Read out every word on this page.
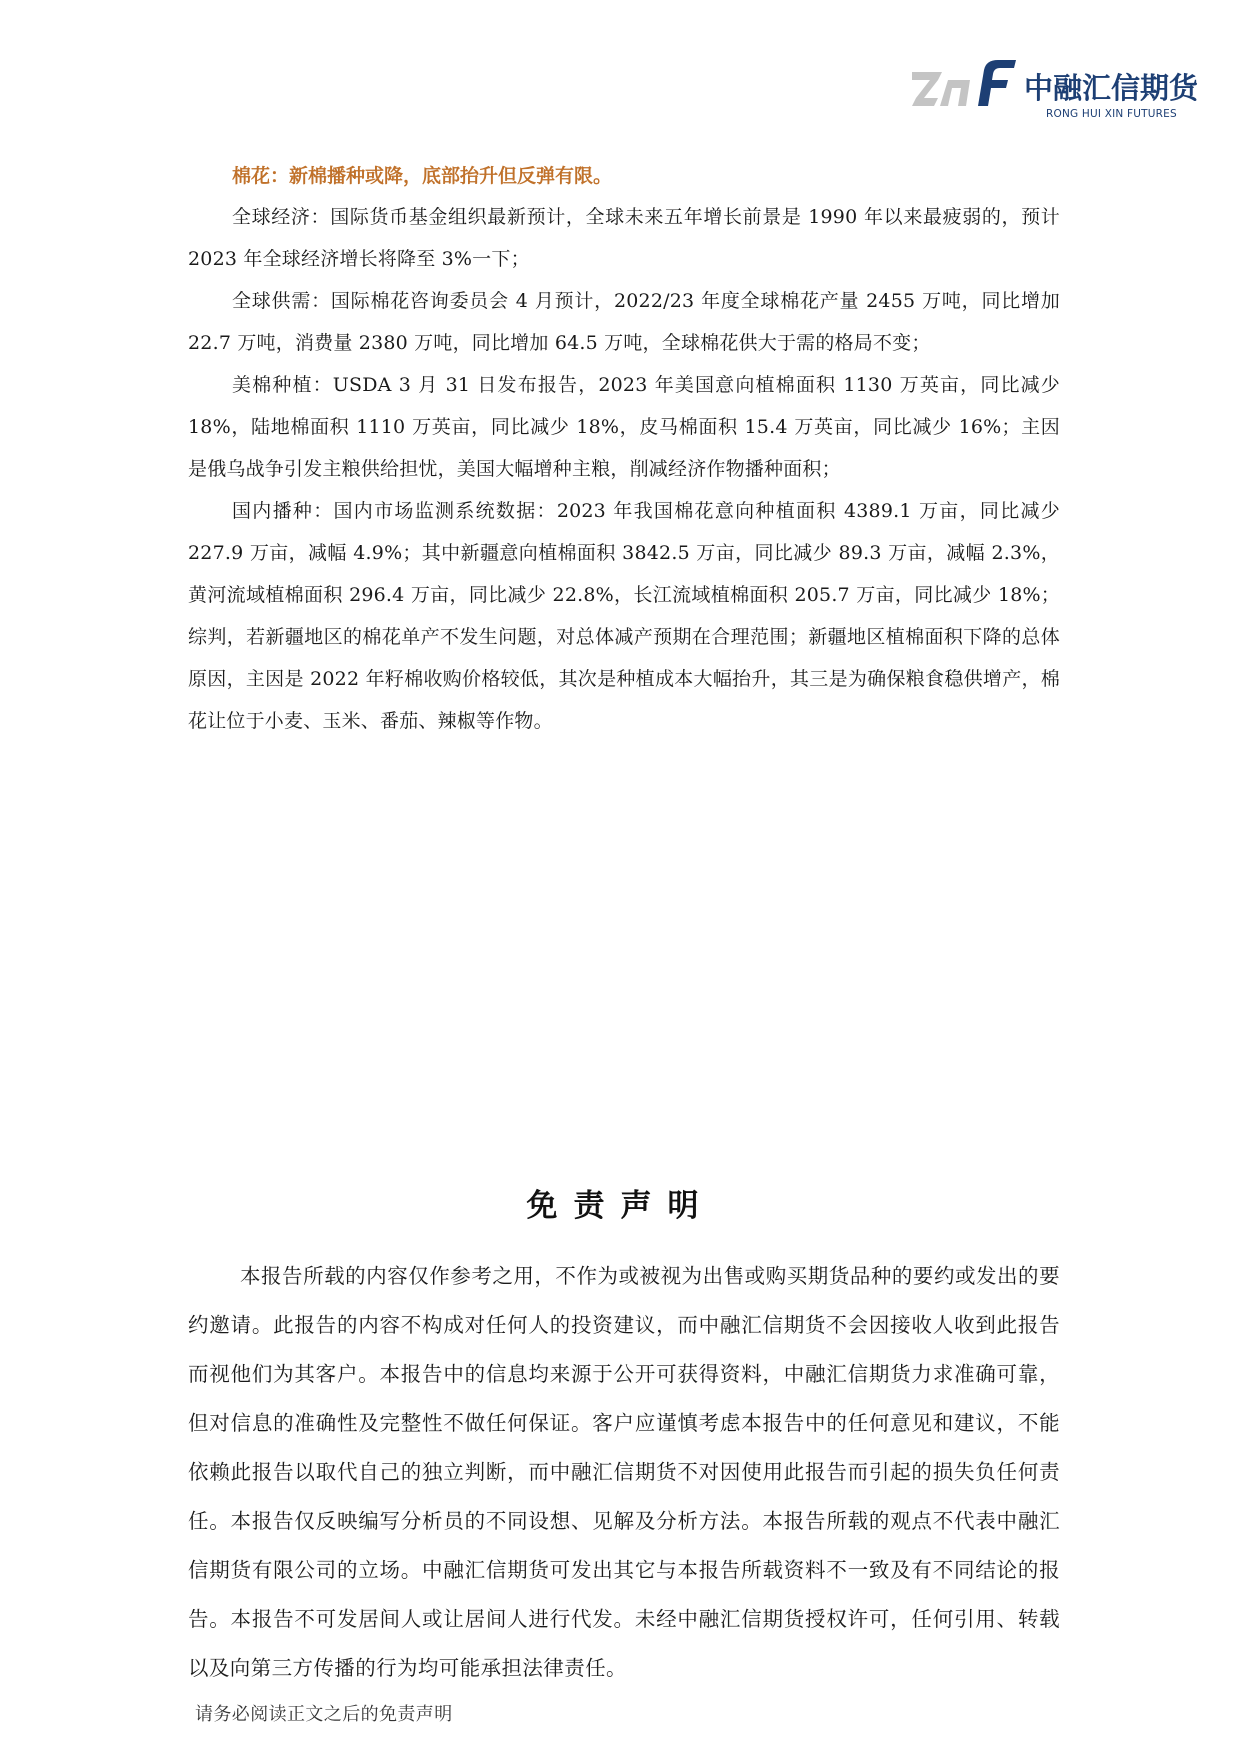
中融汇信期货
RONG HUI XIN FUTURES
棉花：新棉播种或降，底部抬升但反弹有限。

全球经济：国际货币基金组织最新预计，全球未来五年增长前景是 1990 年以来最疲弱的，预计 2023 年全球经济增长将降至 3%一下；

全球供需：国际棉花咨询委员会 4 月预计，2022/23 年度全球棉花产量 2455 万吨，同比增加 22.7 万吨，消费量 2380 万吨，同比增加 64.5 万吨，全球棉花供大于需的格局不变；

美棉种植：USDA 3 月 31 日发布报告，2023 年美国意向植棉面积 1130 万英亩，同比减少 18%，陆地棉面积 1110 万英亩，同比减少 18%，皮马棉面积 15.4 万英亩，同比减少 16%；主因是俄乌战争引发主粮供给担忧，美国大幅增种主粮，削减经济作物播种面积；

国内播种：国内市场监测系统数据：2023 年我国棉花意向种植面积 4389.1 万亩，同比减少 227.9 万亩，减幅 4.9%；其中新疆意向植棉面积 3842.5 万亩，同比减少 89.3 万亩，减幅 2.3%，黄河流域植棉面积 296.4 万亩，同比减少 22.8%，长江流域植棉面积 205.7 万亩，同比减少 18%；综判，若新疆地区的棉花单产不发生问题，对总体减产预期在合理范围；新疆地区植棉面积下降的总体原因，主因是 2022 年籽棉收购价格较低，其次是种植成本大幅抬升，其三是为确保粮食稳供增产，棉花让位于小麦、玉米、番茄、辣椒等作物。

免责声明

本报告所载的内容仅作参考之用，不作为或被视为出售或购买期货品种的要约或发出的要约邀请。此报告的内容不构成对任何人的投资建议，而中融汇信期货不会因接收人收到此报告而视他们为其客户。本报告中的信息均来源于公开可获得资料，中融汇信期货力求准确可靠，但对信息的准确性及完整性不做任何保证。客户应谨慎考虑本报告中的任何意见和建议，不能依赖此报告以取代自己的独立判断，而中融汇信期货不对因使用此报告而引起的损失负任何责任。本报告仅反映编写分析员的不同设想、见解及分析方法。本报告所载的观点不代表中融汇信期货有限公司的立场。中融汇信期货可发出其它与本报告所载资料不一致及有不同结论的报告。本报告不可发居间人或让居间人进行代发。未经中融汇信期货授权许可，任何引用、转载以及向第三方传播的行为均可能承担法律责任。

请务必阅读正文之后的免责声明
